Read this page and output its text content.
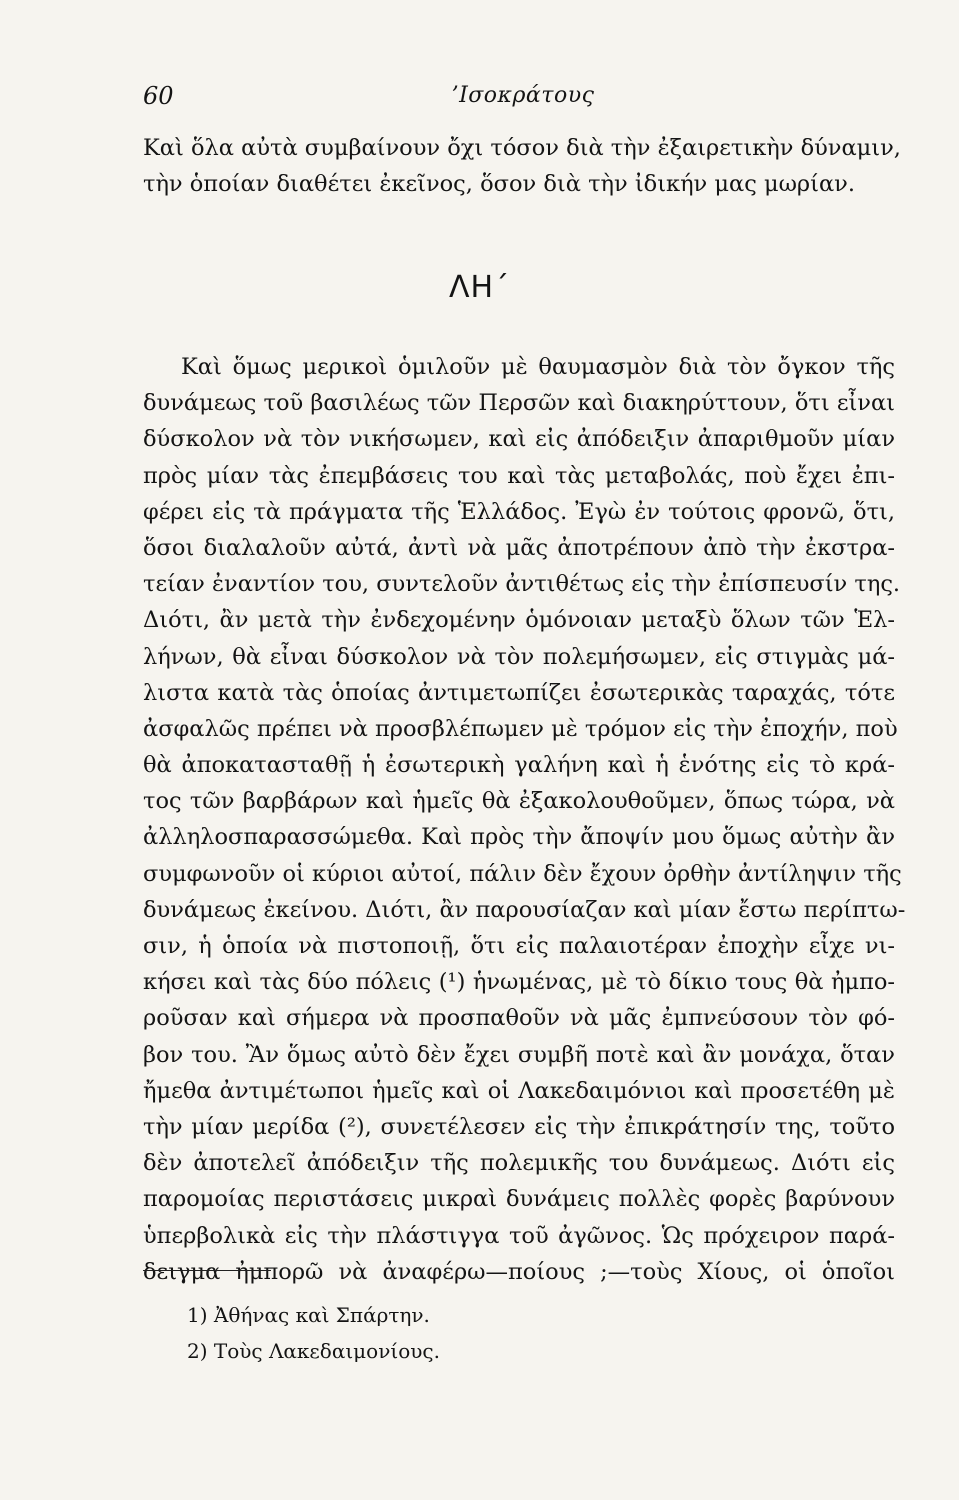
60	’Ισοκράτους
Καὶ ὅλα αὐτὰ συμβαίνουν ὄχι τόσον διὰ τὴν ἐξαιρετικὴν δύναμιν,
τὴν ὁποίαν διαθέτει ἐκεῖνος, ὅσον διὰ τὴν ἰδικήν μας μωρίαν.
ΛΗ΄
Καὶ ὅμως μερικοὶ ὁμιλοῦν μὲ θαυμασμὸν διὰ τὸν ὄγκον τῆς
δυνάμεως τοῦ βασιλέως τῶν Περσῶν καὶ διακηρύττουν, ὅτι εἶναι
δύσκολον νὰ τὸν νικήσωμεν, καὶ εἰς ἀπόδειξιν ἀπαριθμοῦν μίαν
πρὸς μίαν τὰς ἐπεμβάσεις του καὶ τὰς μεταβολάς, ποὺ ἔχει ἐπι-
φέρει εἰς τὰ πράγματα τῆς Ἑλλάδος. Ἐγὼ ἐν τούτοις φρονῶ, ὅτι,
ὅσοι διαλαλοῦν αὐτά, ἀντὶ νὰ μᾶς ἀποτρέπουν ἀπὸ τὴν ἐκστρα-
τείαν ἐναντίον του, συντελοῦν ἀντιθέτως εἰς τὴν ἐπίσπευσίν της.
Διότι, ἂν μετὰ τὴν ἐνδεχομένην ὁμόνοιαν μεταξὺ ὅλων τῶν Ἑλ-
λήνων, θὰ εἶναι δύσκολον νὰ τὸν πολεμήσωμεν, εἰς στιγμὰς μά-
λιστα κατὰ τὰς ὁποίας ἀντιμετωπίζει ἐσωτερικὰς ταραχάς, τότε
ἀσφαλῶς πρέπει νὰ προσβλέπωμεν μὲ τρόμον εἰς τὴν ἐποχήν, ποὺ
θὰ ἀποκατασταθῇ ἡ ἐσωτερικὴ γαλήνη καὶ ἡ ἑνότης εἰς τὸ κρά-
τος τῶν βαρβάρων καὶ ἡμεῖς θὰ ἐξακολουθοῦμεν, ὅπως τώρα, νὰ
ἀλληλοσπαρασσώμεθα. Καὶ πρὸς τὴν ἄποψίν μου ὅμως αὐτὴν ἂν
συμφωνοῦν οἱ κύριοι αὐτοί, πάλιν δὲν ἔχουν ὀρθὴν ἀντίληψιν τῆς
δυνάμεως ἐκείνου. Διότι, ἂν παρουσίαζαν καὶ μίαν ἔστω περίπτω-
σιν, ἡ ὁποία νὰ πιστοποιῇ, ὅτι εἰς παλαιοτέραν ἐποχὴν εἶχε νι-
κήσει καὶ τὰς δύο πόλεις (¹) ἡνωμένας, μὲ τὸ δίκιο τους θὰ ἠμπο-
ροῦσαν καὶ σήμερα νὰ προσπαθοῦν νὰ μᾶς ἐμπνεύσουν τὸν φό-
βον του. Ἂν ὅμως αὐτὸ δὲν ἔχει συμβῆ ποτὲ καὶ ἂν μονάχα, ὅταν
ἤμεθα ἀντιμέτωποι ἡμεῖς καὶ οἱ Λακεδαιμόνιοι καὶ προσετέθη μὲ
τὴν μίαν μερίδα (²), συνετέλεσεν εἰς τὴν ἐπικράτησίν της, τοῦτο
δὲν ἀποτελεῖ ἀπόδειξιν τῆς πολεμικῆς του δυνάμεως. Διότι εἰς
παρομοίας περιστάσεις μικραὶ δυνάμεις πολλὲς φορὲς βαρύνουν
ὑπερβολικὰ εἰς τὴν πλάστιγγα τοῦ ἀγῶνος. Ὡς πρόχειρον παρά-
δειγμα ἠμπορῶ νὰ ἀναφέρω—ποίους ;—τοὺς Χίους, οἱ ὁποῖοι
1) Ἀθήνας καὶ Σπάρτην.
2) Τοὺς Λακεδαιμονίους.
